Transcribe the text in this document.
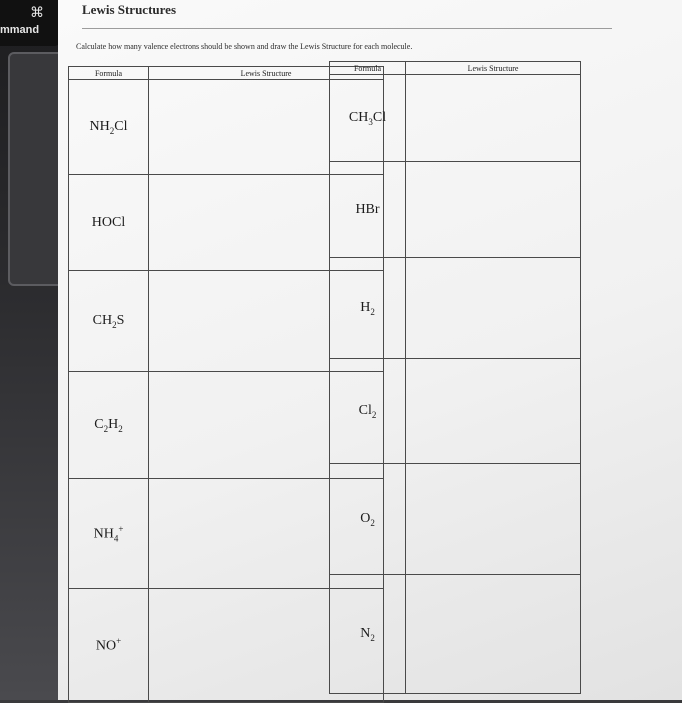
⌘
mmand
Lewis Structures
Calculate how many valence electrons should be shown and draw the Lewis Structure for each molecule.
Formula	Lewis Structure
$NH_2Cl$	
HOCl	
$CH_2S$	
$C_2H_2$	
$NH_4^+$	
NO+	
Formula	Lewis Structure
$CH_3Cl$	
HBr	
$H_2$	
$Cl_2$	
$O_2$	
$N_2$	
